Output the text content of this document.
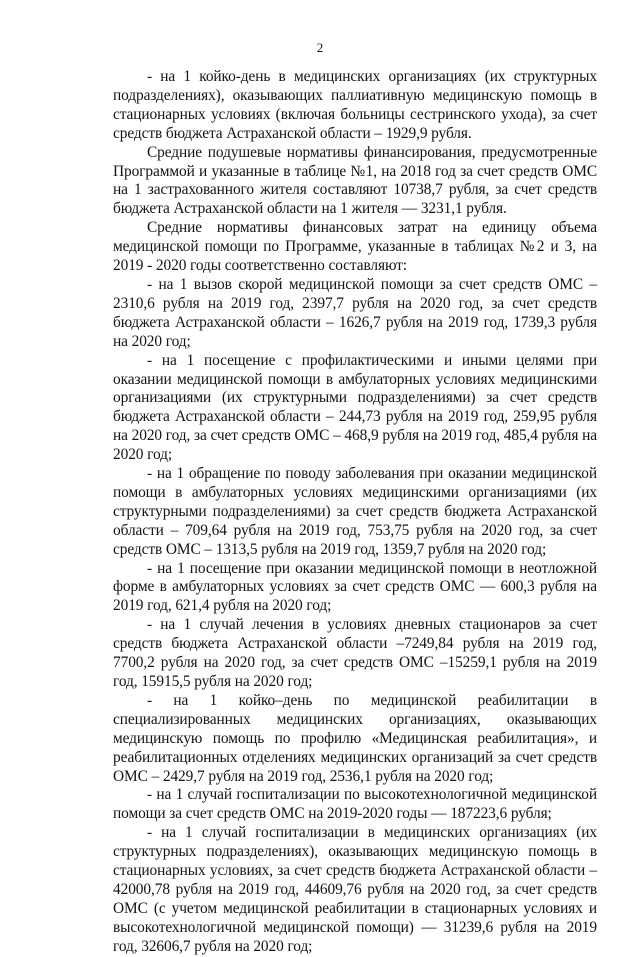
2

- на 1 койко-день в медицинских организациях (их структурных подразделениях), оказывающих паллиативную медицинскую помощь в стационарных условиях (включая больницы сестринского ухода), за счет средств бюджета Астраханской области – 1929,9 рубля.

Средние подушевые нормативы финансирования, предусмотренные Программой и указанные в таблице №1, на 2018 год за счет средств ОМС на 1 застрахованного жителя составляют 10738,7 рубля, за счет средств бюджета Астраханской области на 1 жителя — 3231,1 рубля.

Средние нормативы финансовых затрат на единицу объема медицинской помощи по Программе, указанные в таблицах №2 и 3, на 2019 - 2020 годы соответственно составляют:

- на 1 вызов скорой медицинской помощи за счет средств ОМС – 2310,6 рубля на 2019 год, 2397,7 рубля на 2020 год, за счет средств бюджета Астраханской области – 1626,7 рубля на 2019 год, 1739,3 рубля на 2020 год;

- на 1 посещение с профилактическими и иными целями при оказании медицинской помощи в амбулаторных условиях медицинскими организациями (их структурными подразделениями) за счет средств бюджета Астраханской области – 244,73 рубля на 2019 год, 259,95 рубля на 2020 год, за счет средств ОМС – 468,9 рубля на 2019 год, 485,4 рубля на 2020 год;

- на 1 обращение по поводу заболевания при оказании медицинской помощи в амбулаторных условиях медицинскими организациями (их структурными подразделениями) за счет средств бюджета Астраханской области – 709,64 рубля на 2019 год, 753,75 рубля на 2020 год, за счет средств ОМС – 1313,5 рубля на 2019 год, 1359,7 рубля на 2020 год;

- на 1 посещение при оказании медицинской помощи в неотложной форме в амбулаторных условиях за счет средств ОМС — 600,3 рубля на 2019 год, 621,4 рубля на 2020 год;

- на 1 случай лечения в условиях дневных стационаров за счет средств бюджета Астраханской области –7249,84 рубля на 2019 год, 7700,2 рубля на 2020 год, за счет средств ОМС –15259,1 рубля на 2019 год, 15915,5 рубля на 2020 год;

- на 1 койко–день по медицинской реабилитации в специализированных медицинских организациях, оказывающих медицинскую помощь по профилю «Медицинская реабилитация», и реабилитационных отделениях медицинских организаций за счет средств ОМС – 2429,7 рубля на 2019 год, 2536,1 рубля на 2020 год;

- на 1 случай госпитализации по высокотехнологичной медицинской помощи за счет средств ОМС на 2019-2020 годы — 187223,6 рубля;

- на 1 случай госпитализации в медицинских организациях (их структурных подразделениях), оказывающих медицинскую помощь в стационарных условиях, за счет средств бюджета Астраханской области – 42000,78 рубля на 2019 год, 44609,76 рубля на 2020 год, за счет средств ОМС (с учетом медицинской реабилитации в стационарных условиях и высокотехнологичной медицинской помощи) — 31239,6 рубля на 2019 год, 32606,7 рубля на 2020 год;
